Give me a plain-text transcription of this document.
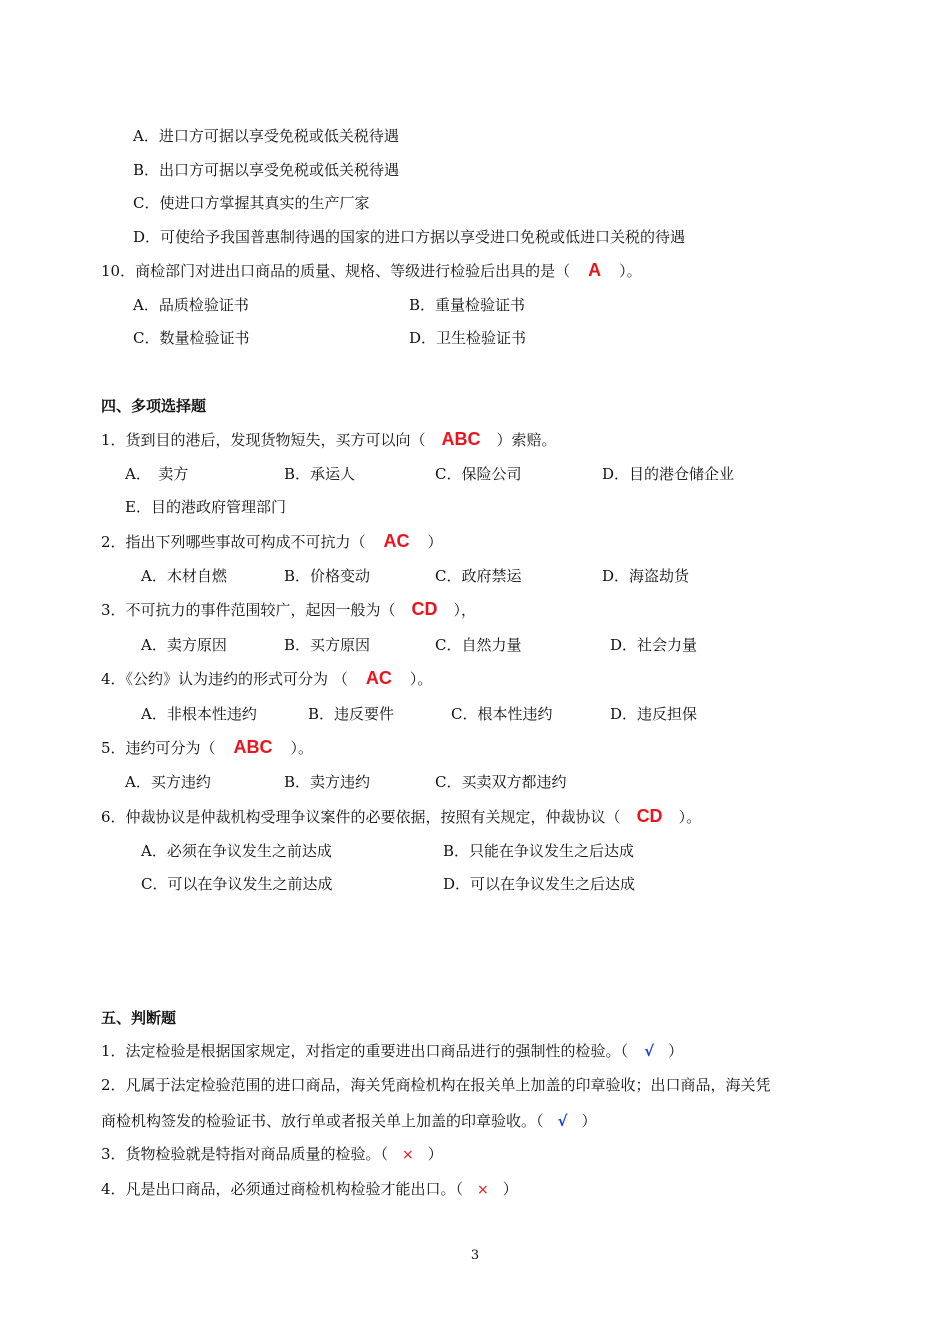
A．进口方可据以享受免税或低关税待遇
B．出口方可据以享受免税或低关税待遇
C．使进口方掌握其真实的生产厂家
D．可使给予我国普惠制待遇的国家的进口方据以享受进口免税或低进口关税的待遇
10．商检部门对进出口商品的质量、规格、等级进行检验后出具的是（ A ）。
A．品质检验证书	B．重量检验证书
C．数量检验证书	D．卫生检验证书
四、多项选择题
1．货到目的港后，发现货物短失，买方可以向（ ABC ）索赔。
A．　卖方	B．承运人	C．保险公司	D．目的港仓储企业
E．目的港政府管理部门
2．指出下列哪些事故可构成不可抗力（ AC ）
A．木材自燃	B．价格变动	C．政府禁运	D．海盗劫货
3．不可抗力的事件范围较广，起因一般为（ CD ），
A．卖方原因	B．买方原因	C．自然力量	D．社会力量
4．《公约》认为违约的形式可分为 （ AC ）。
A．非根本性违约	B．违反要件	C．根本性违约	D．违反担保
5．违约可分为（ ABC ）。
A．买方违约	B．卖方违约	C．买卖双方都违约
6．仲裁协议是仲裁机构受理争议案件的必要依据，按照有关规定，仲裁协议（ CD ）。
A．必须在争议发生之前达成	B．只能在争议发生之后达成
C．可以在争议发生之前达成	D．可以在争议发生之后达成
五、判断题
1．法定检验是根据国家规定，对指定的重要进出口商品进行的强制性的检验。（ √ ）
2．凡属于法定检验范围的进口商品，海关凭商检机构在报关单上加盖的印章验收；出口商品，海关凭
商检机构签发的检验证书、放行单或者报关单上加盖的印章验收。（ √ ）
3．货物检验就是特指对商品质量的检验。（ × ）
4．凡是出口商品，必须通过商检机构检验才能出口。（ × ）
3
